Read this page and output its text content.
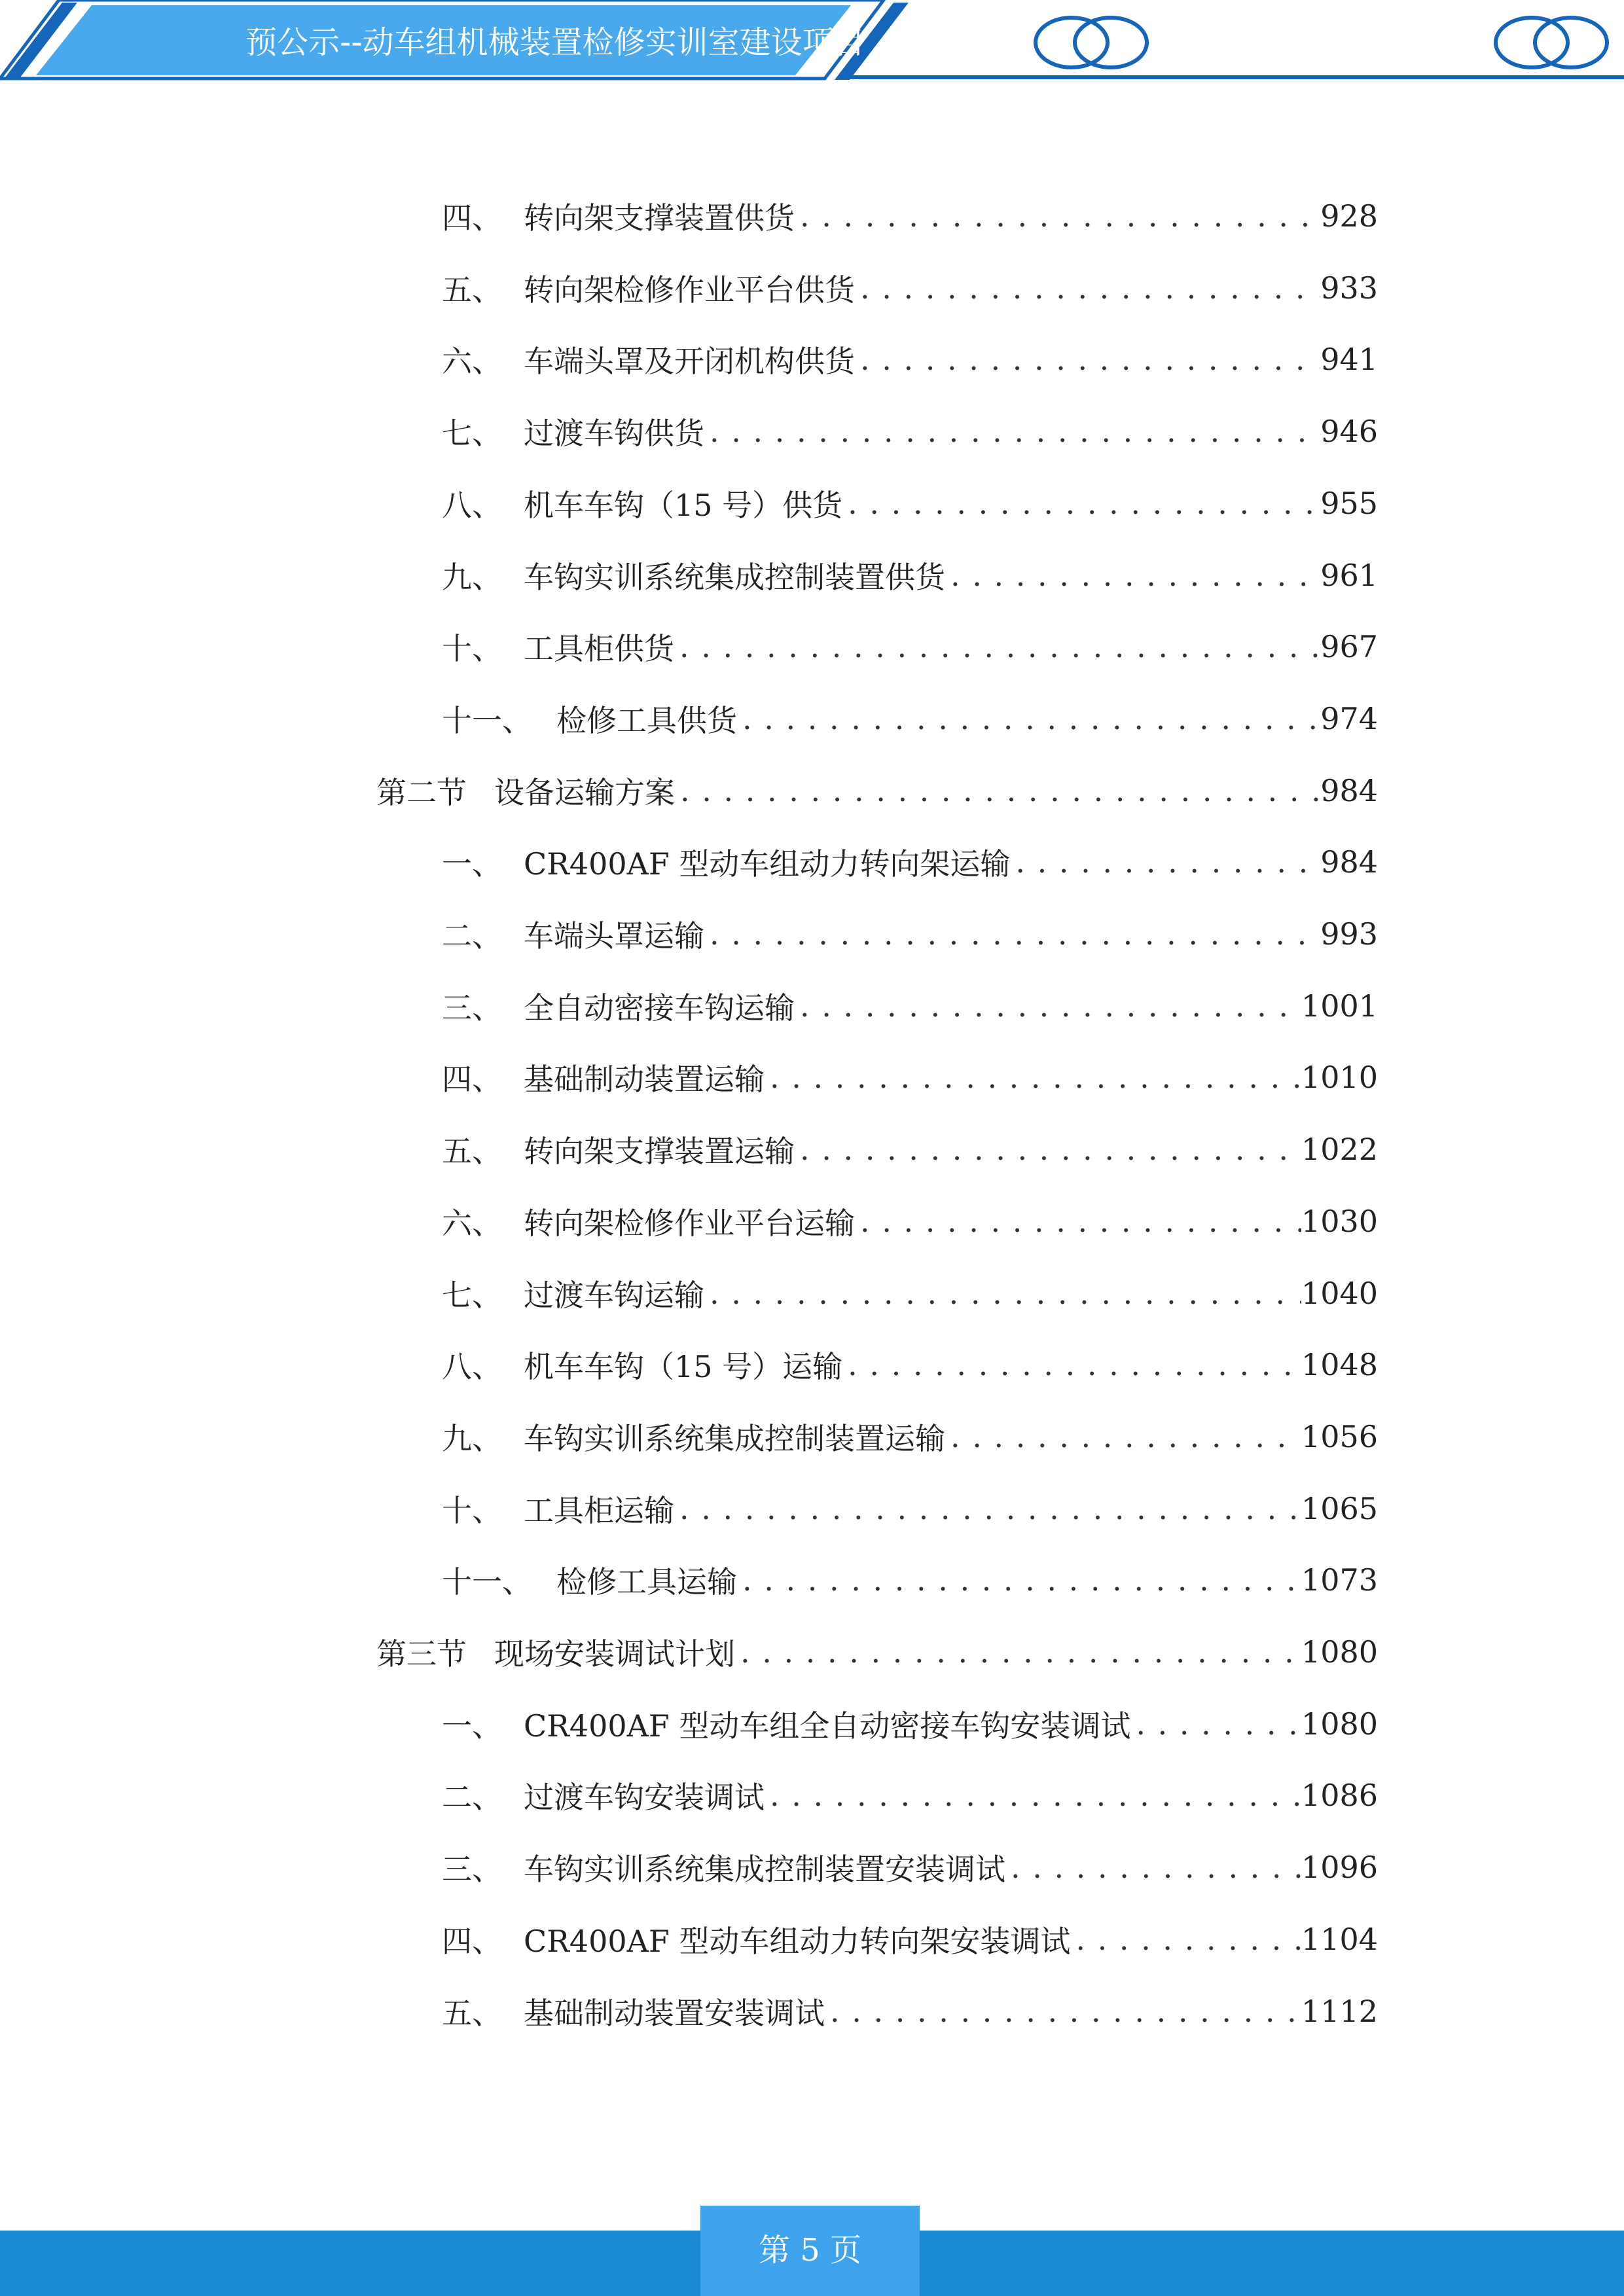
预公示--动车组机械装置检修实训室建设项目
四、 转向架支撑装置供货 . . .	928
五、 转向架检修作业平台供货 . . .	933
六、 车端头罩及开闭机构供货 . . .	941
七、 过渡车钩供货 . . .	946
八、 机车车钩（15 号）供货 . . .	955
九、 车钩实训系统集成控制装置供货 . . .	961
十、 工具柜供货 . . .	967
十一、 检修工具供货 . . .	974
第二节 设备运输方案 . . .	984
一、 CR400AF 型动车组动力转向架运输 . . .	984
二、 车端头罩运输 . . .	993
三、 全自动密接车钩运输 . . .	1001
四、 基础制动装置运输 . . .	1010
五、 转向架支撑装置运输 . . .	1022
六、 转向架检修作业平台运输 . . .	1030
七、 过渡车钩运输 . . .	1040
八、 机车车钩（15 号）运输 . . .	1048
九、 车钩实训系统集成控制装置运输 . . .	1056
十、 工具柜运输 . . .	1065
十一、 检修工具运输 . . .	1073
第三节 现场安装调试计划 . . .	1080
一、 CR400AF 型动车组全自动密接车钩安装调试 . . .	1080
二、 过渡车钩安装调试 . . .	1086
三、 车钩实训系统集成控制装置安装调试 . . .	1096
四、 CR400AF 型动车组动力转向架安装调试 . . .	1104
五、 基础制动装置安装调试 . . .	1112
第 5 页
